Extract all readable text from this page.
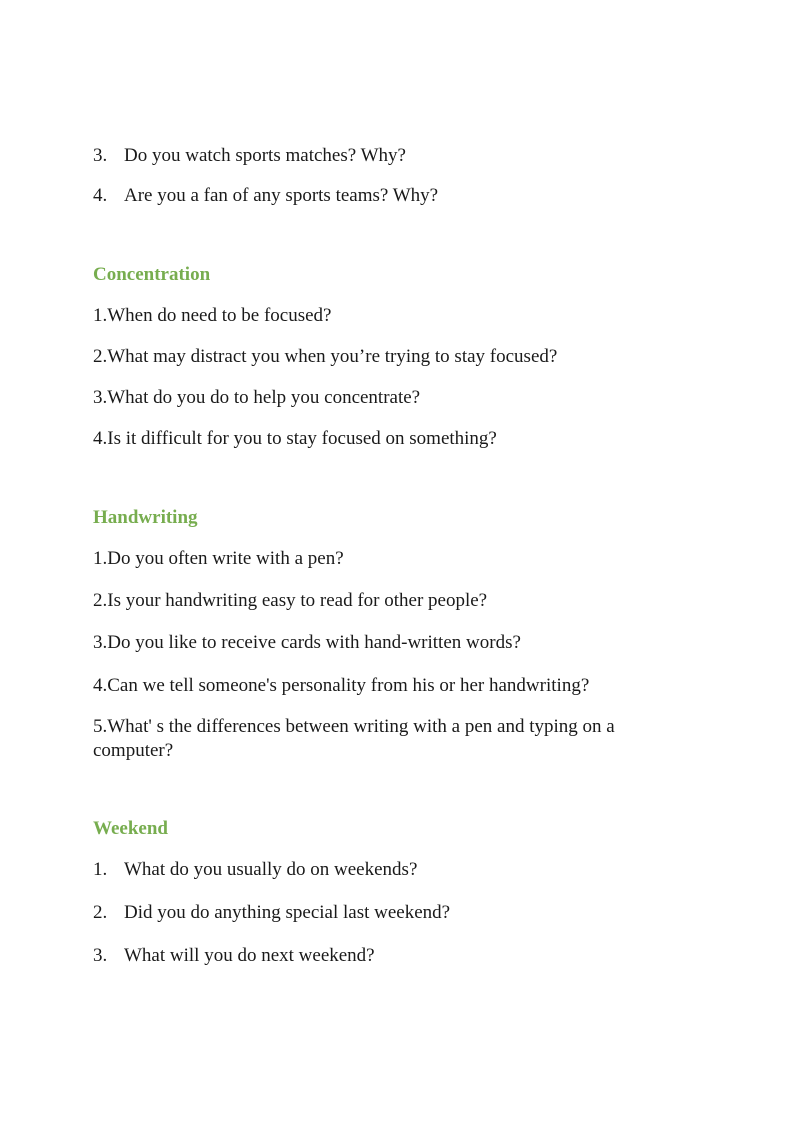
3. Do you watch sports matches? Why?
4. Are you a fan of any sports teams? Why?
Concentration
1.When do need to be focused?
2.What may distract you when you’re trying to stay focused?
3.What do you do to help you concentrate?
4.Is it difficult for you to stay focused on something?
Handwriting
1.Do you often write with a pen?
2.Is your handwriting easy to read for other people?
3.Do you like to receive cards with hand-written words?
4.Can we tell someone's personality from his or her handwriting?
5.What' s the differences between writing with a pen and typing on a computer?
Weekend
1. What do you usually do on weekends?
2. Did you do anything special last weekend?
3. What will you do next weekend?
